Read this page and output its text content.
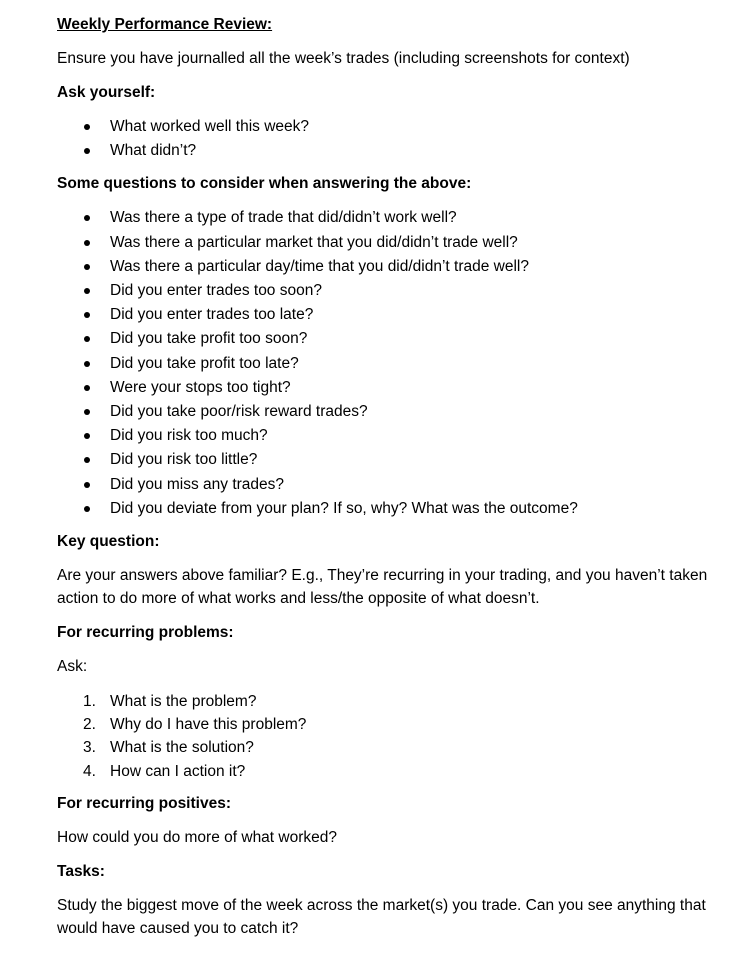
Weekly Performance Review:
Ensure you have journalled all the week’s trades (including screenshots for context)
Ask yourself:
What worked well this week?
What didn’t?
Some questions to consider when answering the above:
Was there a type of trade that did/didn’t work well?
Was there a particular market that you did/didn’t trade well?
Was there a particular day/time that you did/didn’t trade well?
Did you enter trades too soon?
Did you enter trades too late?
Did you take profit too soon?
Did you take profit too late?
Were your stops too tight?
Did you take poor/risk reward trades?
Did you risk too much?
Did you risk too little?
Did you miss any trades?
Did you deviate from your plan? If so, why? What was the outcome?
Key question:
Are your answers above familiar? E.g., They’re recurring in your trading, and you haven’t taken action to do more of what works and less/the opposite of what doesn’t.
For recurring problems:
Ask:
1. What is the problem?
2. Why do I have this problem?
3. What is the solution?
4. How can I action it?
For recurring positives:
How could you do more of what worked?
Tasks:
Study the biggest move of the week across the market(s) you trade. Can you see anything that would have caused you to catch it?
